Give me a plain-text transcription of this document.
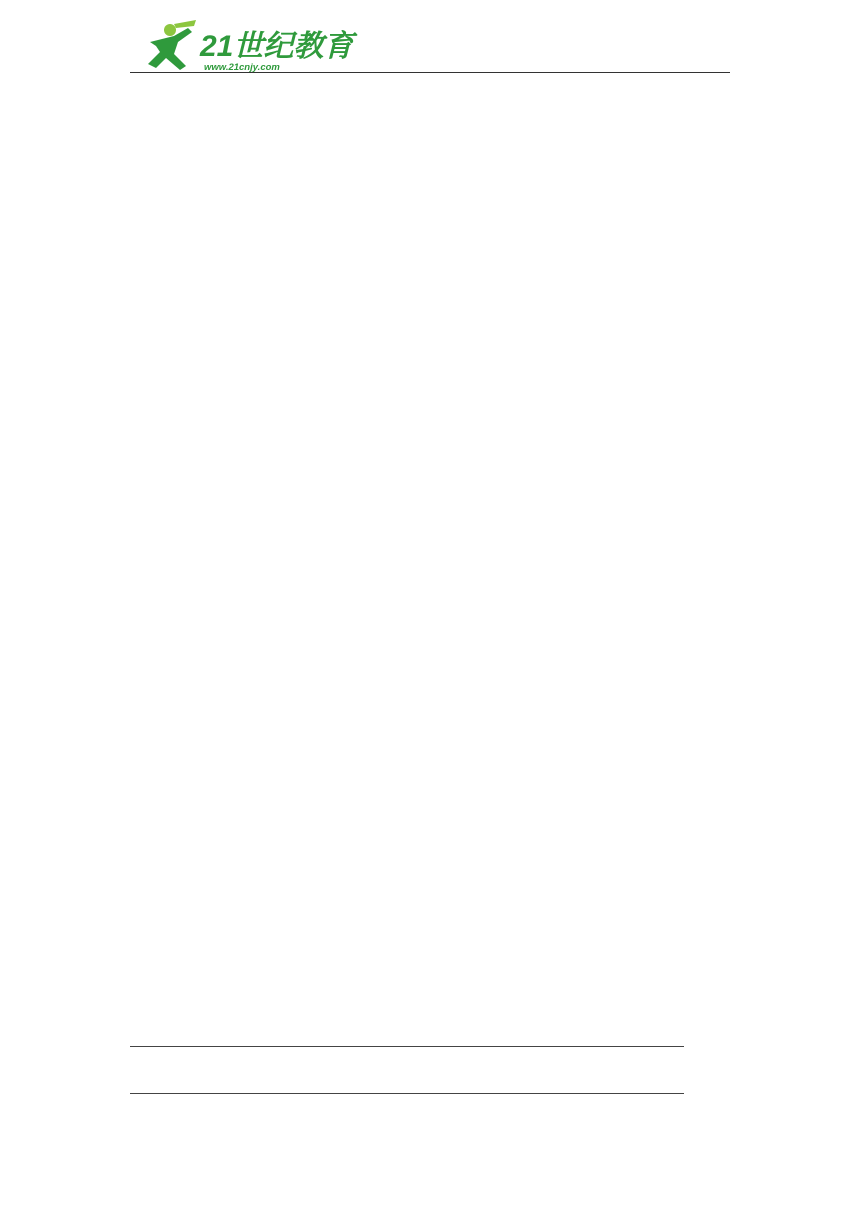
21世纪教育
www.21cnjy.com
